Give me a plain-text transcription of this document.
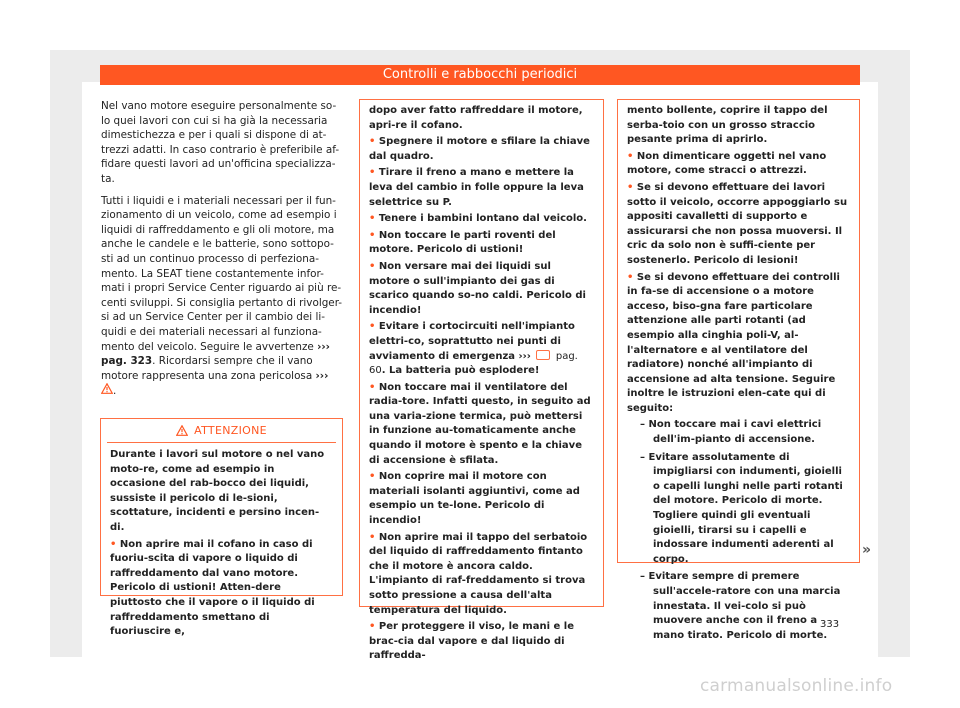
Controlli e rabbocchi periodici

Nel vano motore eseguire personalmente so-lo quei lavori con cui si ha già la necessaria dimestichezza e per i quali si dispone di at-trezzi adatti. In caso contrario è preferibile af-fidare questi lavori ad un'officina specializza-ta.

Tutti i liquidi e i materiali necessari per il fun-zionamento di un veicolo, come ad esempio i liquidi di raffreddamento e gli oli motore, ma anche le candele e le batterie, sono sottopo-sti ad un continuo processo di perfeziona-mento. La SEAT tiene costantemente infor-mati i propri Service Center riguardo ai più re-centi sviluppi. Si consiglia pertanto di rivolger-si ad un Service Center per il cambio dei li-quidi e dei materiali necessari al funziona-mento del veicolo. Seguire le avvertenze ››› pag. 323. Ricordarsi sempre che il vano motore rappresenta una zona pericolosa ››› .

ATTENZIONE

Durante i lavori sul motore o nel vano moto-re, come ad esempio in occasione del rab-bocco dei liquidi, sussiste il pericolo di le-sioni, scottature, incidenti e persino incen-di.

• Non aprire mai il cofano in caso di fuoriu-scita di vapore o liquido di raffreddamento dal vano motore. Pericolo di ustioni! Atten-dere piuttosto che il vapore o il liquido di raffreddamento smettano di fuoriuscire e,

dopo aver fatto raffreddare il motore, apri-re il cofano.

• Spegnere il motore e sfilare la chiave dal quadro.

• Tirare il freno a mano e mettere la leva del cambio in folle oppure la leva selettrice su P.

• Tenere i bambini lontano dal veicolo.

• Non toccare le parti roventi del motore. Pericolo di ustioni!

• Non versare mai dei liquidi sul motore o sull'impianto dei gas di scarico quando so-no caldi. Pericolo di incendio!

• Evitare i cortocircuiti nell'impianto elettri-co, soprattutto nei punti di avviamento di emergenza ››› pag. 60. La batteria può esplodere!

• Non toccare mai il ventilatore del radia-tore. Infatti questo, in seguito ad una varia-zione termica, può mettersi in funzione au-tomaticamente anche quando il motore è spento e la chiave di accensione è sfilata.

• Non coprire mai il motore con materiali isolanti aggiuntivi, come ad esempio un te-lone. Pericolo di incendio!

• Non aprire mai il tappo del serbatoio del liquido di raffreddamento fintanto che il motore è ancora caldo. L'impianto di raf-freddamento si trova sotto pressione a causa dell'alta temperatura del liquido.

• Per proteggere il viso, le mani e le brac-cia dal vapore e dal liquido di raffredda-

mento bollente, coprire il tappo del serba-toio con un grosso straccio pesante prima di aprirlo.

• Non dimenticare oggetti nel vano motore, come stracci o attrezzi.

• Se si devono effettuare dei lavori sotto il veicolo, occorre appoggiarlo su appositi cavalletti di supporto e assicurarsi che non possa muoversi. Il cric da solo non è suffi-ciente per sostenerlo. Pericolo di lesioni!

• Se si devono effettuare dei controlli in fa-se di accensione o a motore acceso, biso-gna fare particolare attenzione alle parti rotanti (ad esempio alla cinghia poli-V, al-l'alternatore e al ventilatore del radiatore) nonché all'impianto di accensione ad alta tensione. Seguire inoltre le istruzioni elen-cate qui di seguito:

– Non toccare mai i cavi elettrici dell'im-pianto di accensione.

– Evitare assolutamente di impigliarsi con indumenti, gioielli o capelli lunghi nelle parti rotanti del motore. Pericolo di morte. Togliere quindi gli eventuali gioielli, tirarsi su i capelli e indossare indumenti aderenti al corpo.

– Evitare sempre di premere sull'accele-ratore con una marcia innestata. Il vei-colo si può muovere anche con il freno a mano tirato. Pericolo di morte.

»
333
carmanualsonline.info
